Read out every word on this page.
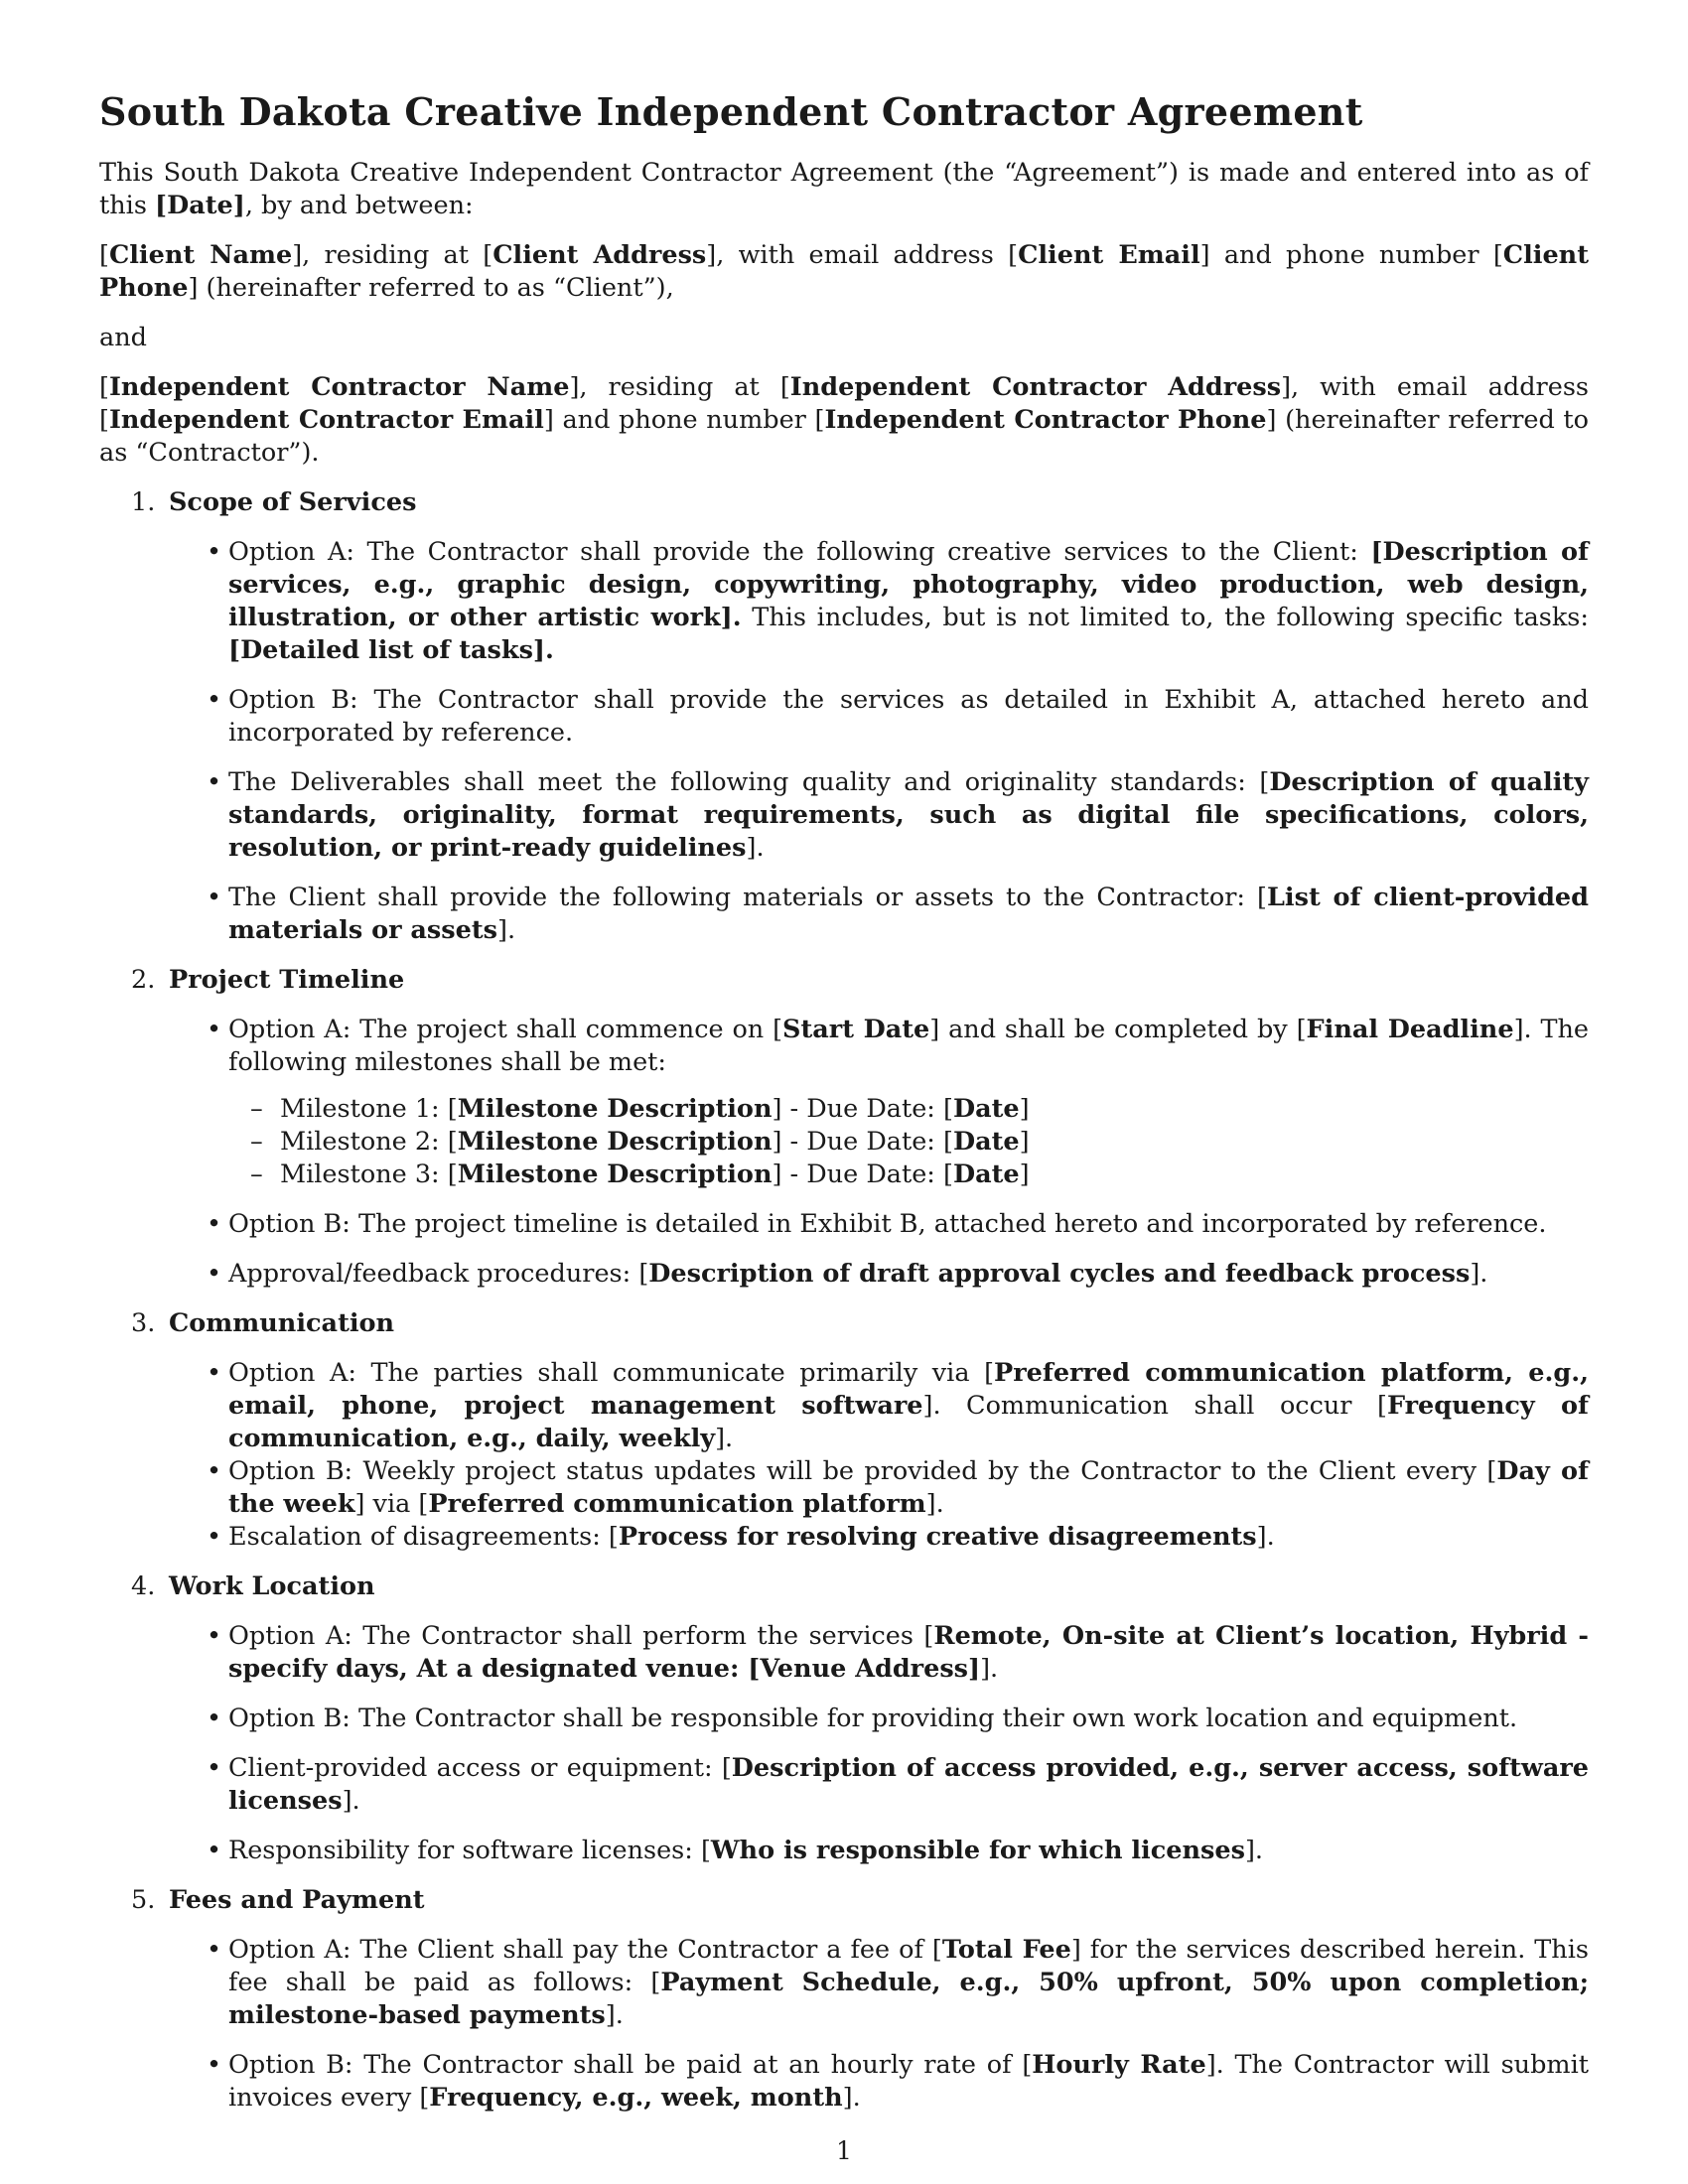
South Dakota Creative Independent Contractor Agreement

This South Dakota Creative Independent Contractor Agreement (the “Agreement”) is made and entered into as of this [Date], by and between:

[Client Name], residing at [Client Address], with email address [Client Email] and phone number [Client Phone] (hereinafter referred to as “Client”),

and

[Independent Contractor Name], residing at [Independent Contractor Address], with email address [Independent Contractor Email] and phone number [Independent Contractor Phone] (hereinafter referred to as “Contractor”).

1. Scope of Services
• Option A: The Contractor shall provide the following creative services to the Client: [Description of services, e.g., graphic design, copywriting, photography, video production, web design, illustration, or other artistic work]. This includes, but is not limited to, the following specific tasks: [Detailed list of tasks].
• Option B: The Contractor shall provide the services as detailed in Exhibit A, attached hereto and incorporated by reference.
• The Deliverables shall meet the following quality and originality standards: [Description of quality standards, originality, format requirements, such as digital file specifications, colors, resolution, or print-ready guidelines].
• The Client shall provide the following materials or assets to the Contractor: [List of client-provided materials or assets].
2. Project Timeline
• Option A: The project shall commence on [Start Date] and shall be completed by [Final Deadline]. The following milestones shall be met:
– Milestone 1: [Milestone Description] - Due Date: [Date]
– Milestone 2: [Milestone Description] - Due Date: [Date]
– Milestone 3: [Milestone Description] - Due Date: [Date]
• Option B: The project timeline is detailed in Exhibit B, attached hereto and incorporated by reference.
• Approval/feedback procedures: [Description of draft approval cycles and feedback process].
3. Communication
• Option A: The parties shall communicate primarily via [Preferred communication platform, e.g., email, phone, project management software]. Communication shall occur [Frequency of communication, e.g., daily, weekly].
• Option B: Weekly project status updates will be provided by the Contractor to the Client every [Day of the week] via [Preferred communication platform].
• Escalation of disagreements: [Process for resolving creative disagreements].
4. Work Location
• Option A: The Contractor shall perform the services [Remote, On-site at Client’s location, Hybrid - specify days, At a designated venue: [Venue Address]].
• Option B: The Contractor shall be responsible for providing their own work location and equipment.
• Client-provided access or equipment: [Description of access provided, e.g., server access, software licenses].
• Responsibility for software licenses: [Who is responsible for which licenses].
5. Fees and Payment
• Option A: The Client shall pay the Contractor a fee of [Total Fee] for the services described herein. This fee shall be paid as follows: [Payment Schedule, e.g., 50% upfront, 50% upon completion; milestone-based payments].
• Option B: The Contractor shall be paid at an hourly rate of [Hourly Rate]. The Contractor will submit invoices every [Frequency, e.g., week, month].
1
